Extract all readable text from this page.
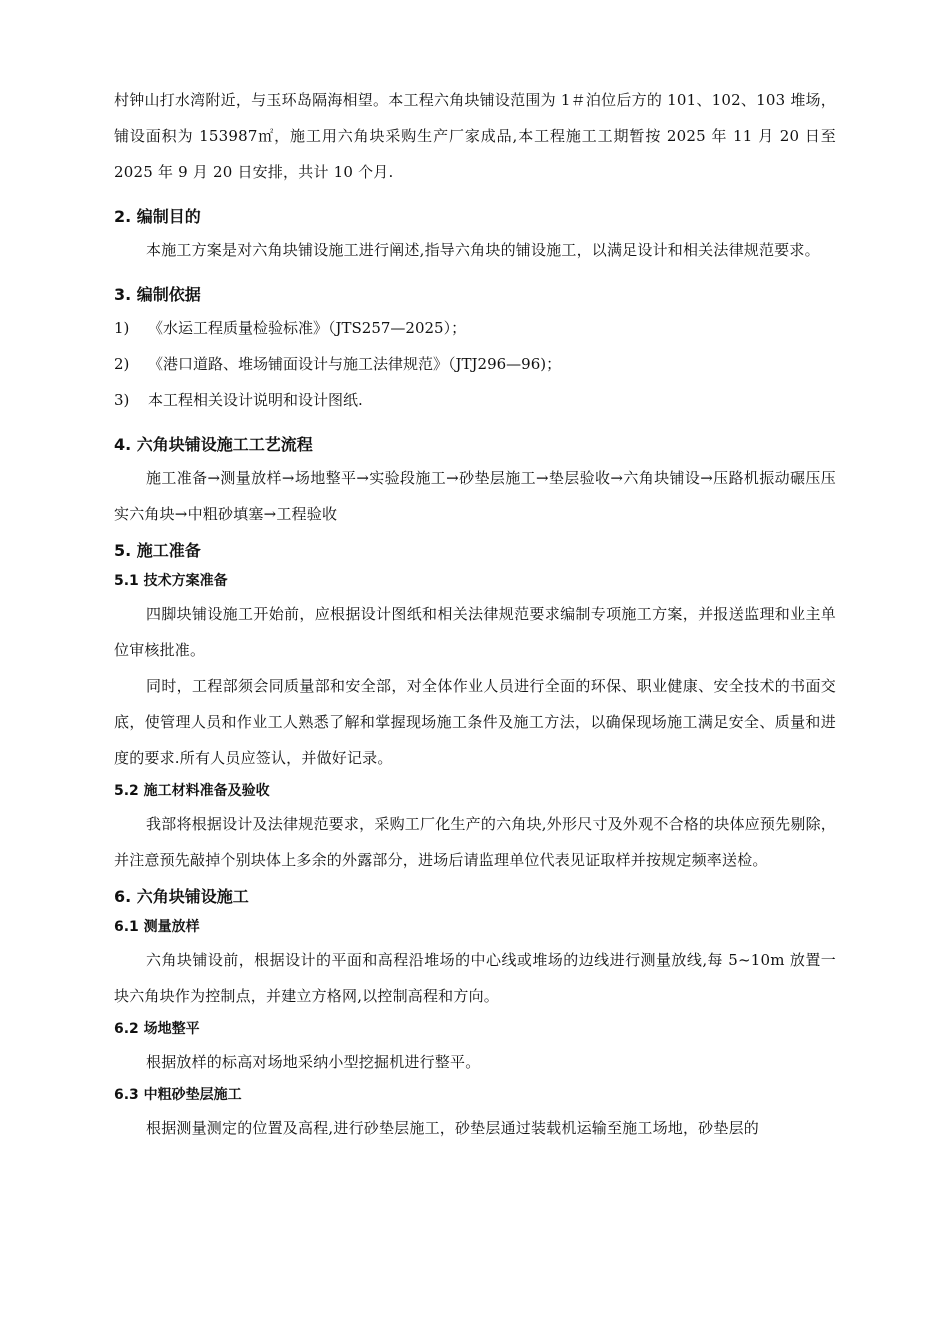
村钟山打水湾附近，与玉环岛隔海相望。本工程六角块铺设范围为 1＃泊位后方的 101、102、103 堆场，铺设面积为 153987㎡，施工用六角块采购生产厂家成品,本工程施工工期暂按 2025 年 11 月 20 日至 2025 年 9 月 20 日安排，共计 10 个月.

2. 编制目的

本施工方案是对六角块铺设施工进行阐述,指导六角块的铺设施工，以满足设计和相关法律规范要求。

3. 编制依据
1)	《水运工程质量检验标准》（JTS257—2025）；
2)	《港口道路、堆场铺面设计与施工法律规范》（JTJ296—96)；
3)	本工程相关设计说明和设计图纸.
4. 六角块铺设施工工艺流程

施工准备→测量放样→场地整平→实验段施工→砂垫层施工→垫层验收→六角块铺设→压路机振动碾压压实六角块→中粗砂填塞→工程验收

5. 施工准备
5.1 技术方案准备

四脚块铺设施工开始前，应根据设计图纸和相关法律规范要求编制专项施工方案，并报送监理和业主单位审核批准。

同时，工程部须会同质量部和安全部，对全体作业人员进行全面的环保、职业健康、安全技术的书面交底，使管理人员和作业工人熟悉了解和掌握现场施工条件及施工方法，以确保现场施工满足安全、质量和进度的要求.所有人员应签认，并做好记录。

5.2 施工材料准备及验收

我部将根据设计及法律规范要求，采购工厂化生产的六角块,外形尺寸及外观不合格的块体应预先剔除，并注意预先敲掉个别块体上多余的外露部分，进场后请监理单位代表见证取样并按规定频率送检。

6. 六角块铺设施工
6.1 测量放样

六角块铺设前，根据设计的平面和高程沿堆场的中心线或堆场的边线进行测量放线,每 5~10m 放置一块六角块作为控制点，并建立方格网,以控制高程和方向。

6.2 场地整平

根据放样的标高对场地采纳小型挖掘机进行整平。

6.3 中粗砂垫层施工

根据测量测定的位置及高程,进行砂垫层施工，砂垫层通过装载机运输至施工场地，砂垫层的
